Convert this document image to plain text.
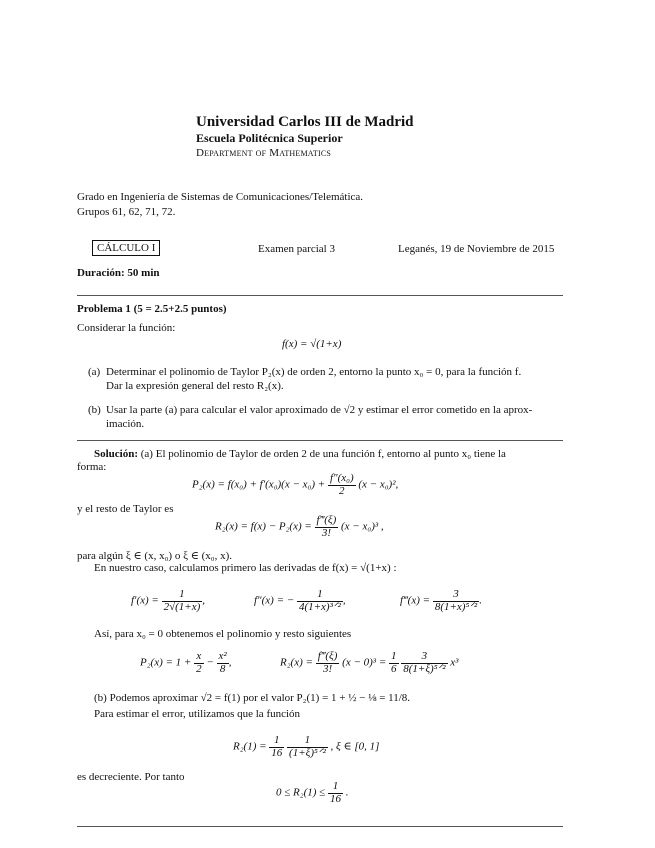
Universidad Carlos III de Madrid
Escuela Politécnica Superior
Department of Mathematics
Grado en Ingeniería de Sistemas de Comunicaciones/Telemática.
Grupos 61, 62, 71, 72.
CÁLCULO I	Examen parcial 3	Leganés, 19 de Noviembre de 2015
Duración: 50 min
Problema 1 (5 = 2.5+2.5 puntos)
Considerar la función:
f(x) = √(1+x)
(a) Determinar el polinomio de Taylor P₂(x) de orden 2, entorno la punto x₀ = 0, para la función f.
Dar la expresión general del resto R₂(x).
(b) Usar la parte (a) para calcular el valor aproximado de √2 y estimar el error cometido en la aprox-
imación.
Solución: (a) El polinomio de Taylor de orden 2 de una función f, entorno al punto x₀ tiene la
forma:
$P_2(x) = f(x_0) + f'(x_0)(x - x_0) + \frac{\text{f″(x₀)}}{2} (x - x_0)^2$,
y el resto de Taylor es
$R_2(x) = f(x) - P_2(x) = \frac{f‴(\xi)}{3!} (x - x_0)^3$ ,
para algún ξ ∈ (x, x₀) o ξ ∈ (x₀, x).
En nuestro caso, calculamos primero las derivadas de f(x) = √(1+x) :
$f'(x) = \frac{1}{2√(1+x)}$ ,	f″(x) = − $\frac{1}{\text{4(1+x)³ᐟ²}}$ ,	f‴(x) = $\frac{3}{\text{8(1+x)⁵ᐟ²}}$ .
Así, para x₀ = 0 obtenemos el polinomio y resto siguientes
$P_2(x) = 1 + \frac{x}{2} - \frac{\text{x²}}{8}$ ,	$R_2(x) = \frac{f‴(\xi)}{3!} (x - 0)^3 = \frac{1}{6}$
$\frac{3}{\text{8(1+ξ)⁵ᐟ²}} x^3$
(b) Podemos aproximar √2 = f(1) por el valor P₂(1) = 1 + ½ − ⅛ = 11/8.
Para estimar el error, utilizamos que la función
$R_2(1) = \frac{1}{16}$
$\frac{1}{\text{(1+ξ)⁵ᐟ²}}$ , ξ ∈ [0, 1]
es decreciente. Por tanto
$0 \le R_2(1) \le \frac{1}{16}$ .
